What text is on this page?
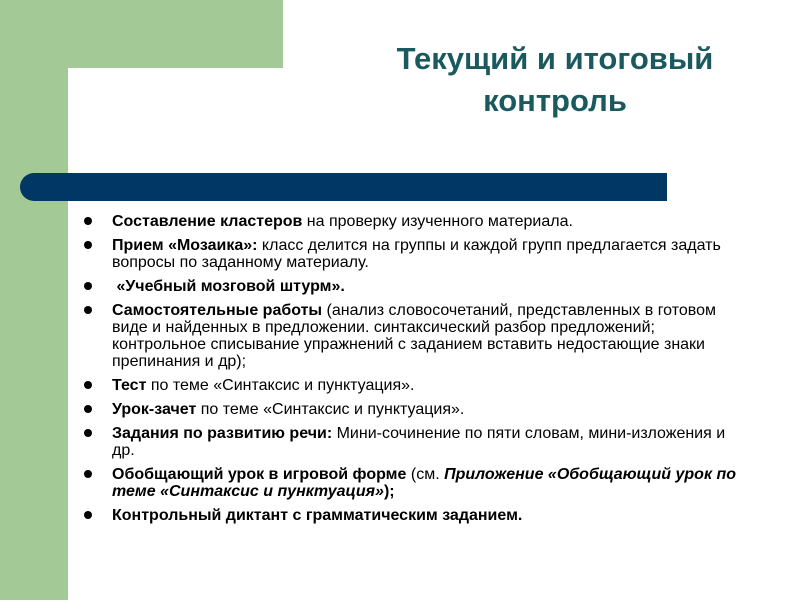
Текущий и итоговый
контроль
Составление кластеров на проверку изученного материала.
Прием «Мозаика»: класс делится на группы и каждой групп предлагается задать вопросы по заданному материалу.
«Учебный мозговой штурм».
Самостоятельные работы (анализ словосочетаний, представленных в готовом виде и найденных в предложении. синтаксический разбор предложений; контрольное списывание упражнений с заданием вставить недостающие знаки препинания и др);
Тест по теме «Синтаксис и пунктуация».
Урок-зачет по теме «Синтаксис и пунктуация».
Задания по развитию речи: Мини-сочинение по пяти словам, мини-изложения и др.
Обобщающий урок в игровой форме (см. Приложение «Обобщающий урок по теме «Синтаксис и пунктуация»);
Контрольный диктант с грамматическим заданием.
